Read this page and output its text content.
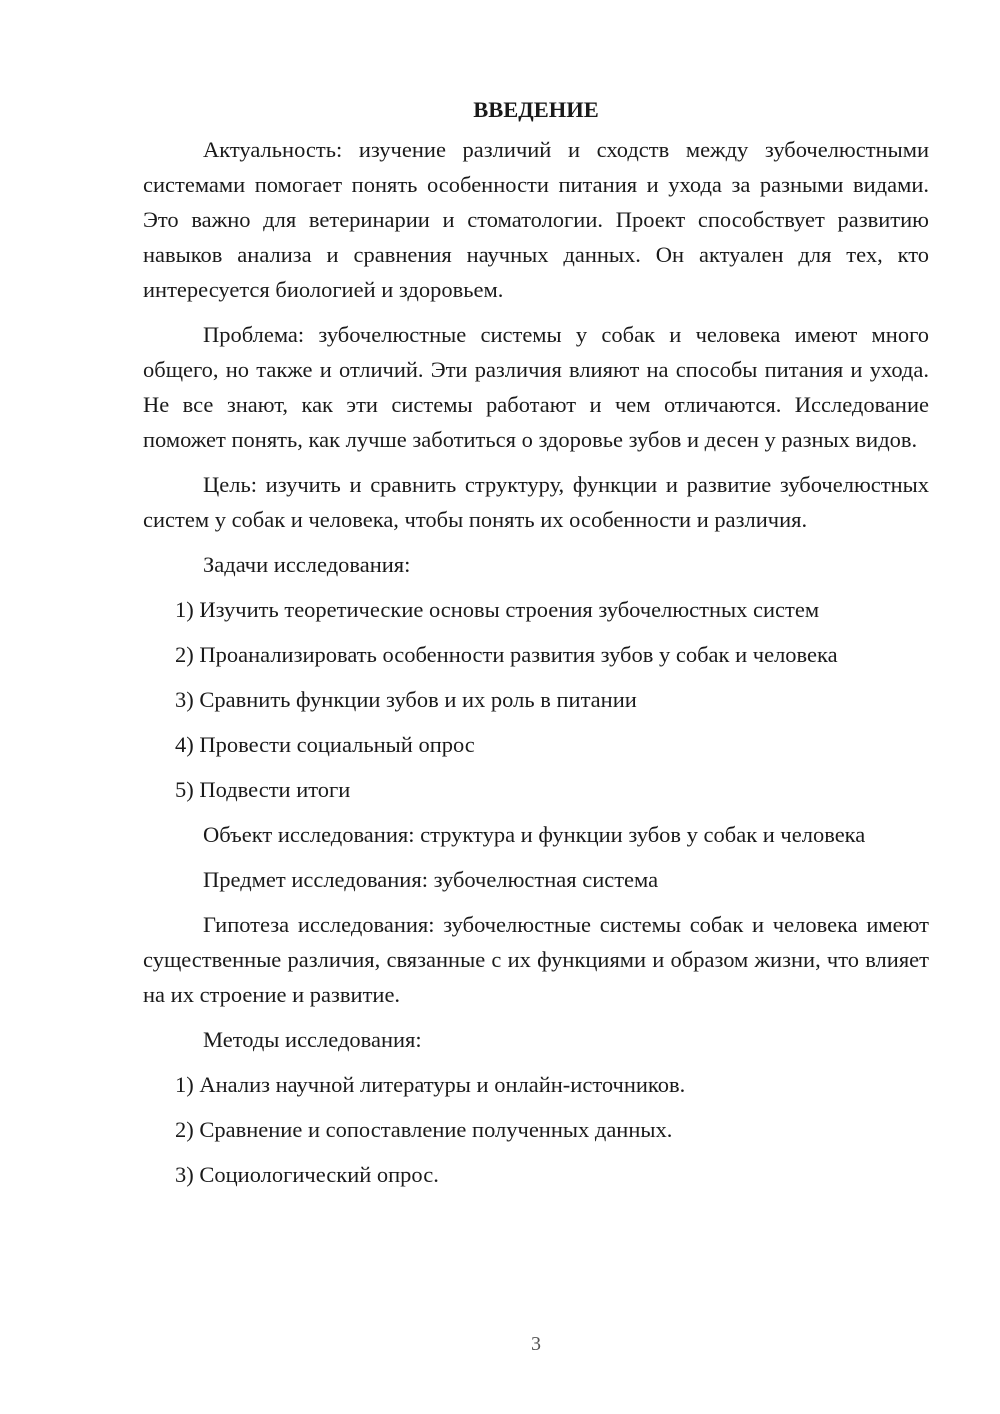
ВВЕДЕНИЕ

Актуальность: изучение различий и сходств между зубочелюстными системами помогает понять особенности питания и ухода за разными видами. Это важно для ветеринарии и стоматологии. Проект способствует развитию навыков анализа и сравнения научных данных. Он актуален для тех, кто интересуется биологией и здоровьем.

Проблема: зубочелюстные системы у собак и человека имеют много общего, но также и отличий. Эти различия влияют на способы питания и ухода. Не все знают, как эти системы работают и чем отличаются. Исследование поможет понять, как лучше заботиться о здоровье зубов и десен у разных видов.

Цель: изучить и сравнить структуру, функции и развитие зубочелюстных систем у собак и человека, чтобы понять их особенности и различия.

Задачи исследования:

1) Изучить теоретические основы строения зубочелюстных систем
2) Проанализировать особенности развития зубов у собак и человека
3) Сравнить функции зубов и их роль в питании
4) Провести социальный опрос
5) Подвести итоги

Объект исследования: структура и функции зубов у собак и человека

Предмет исследования: зубочелюстная система

Гипотеза исследования: зубочелюстные системы собак и человека имеют существенные различия, связанные с их функциями и образом жизни, что влияет на их строение и развитие.

Методы исследования:

1) Анализ научной литературы и онлайн-источников.
2) Сравнение и сопоставление полученных данных.
3) Социологический опрос.
3
